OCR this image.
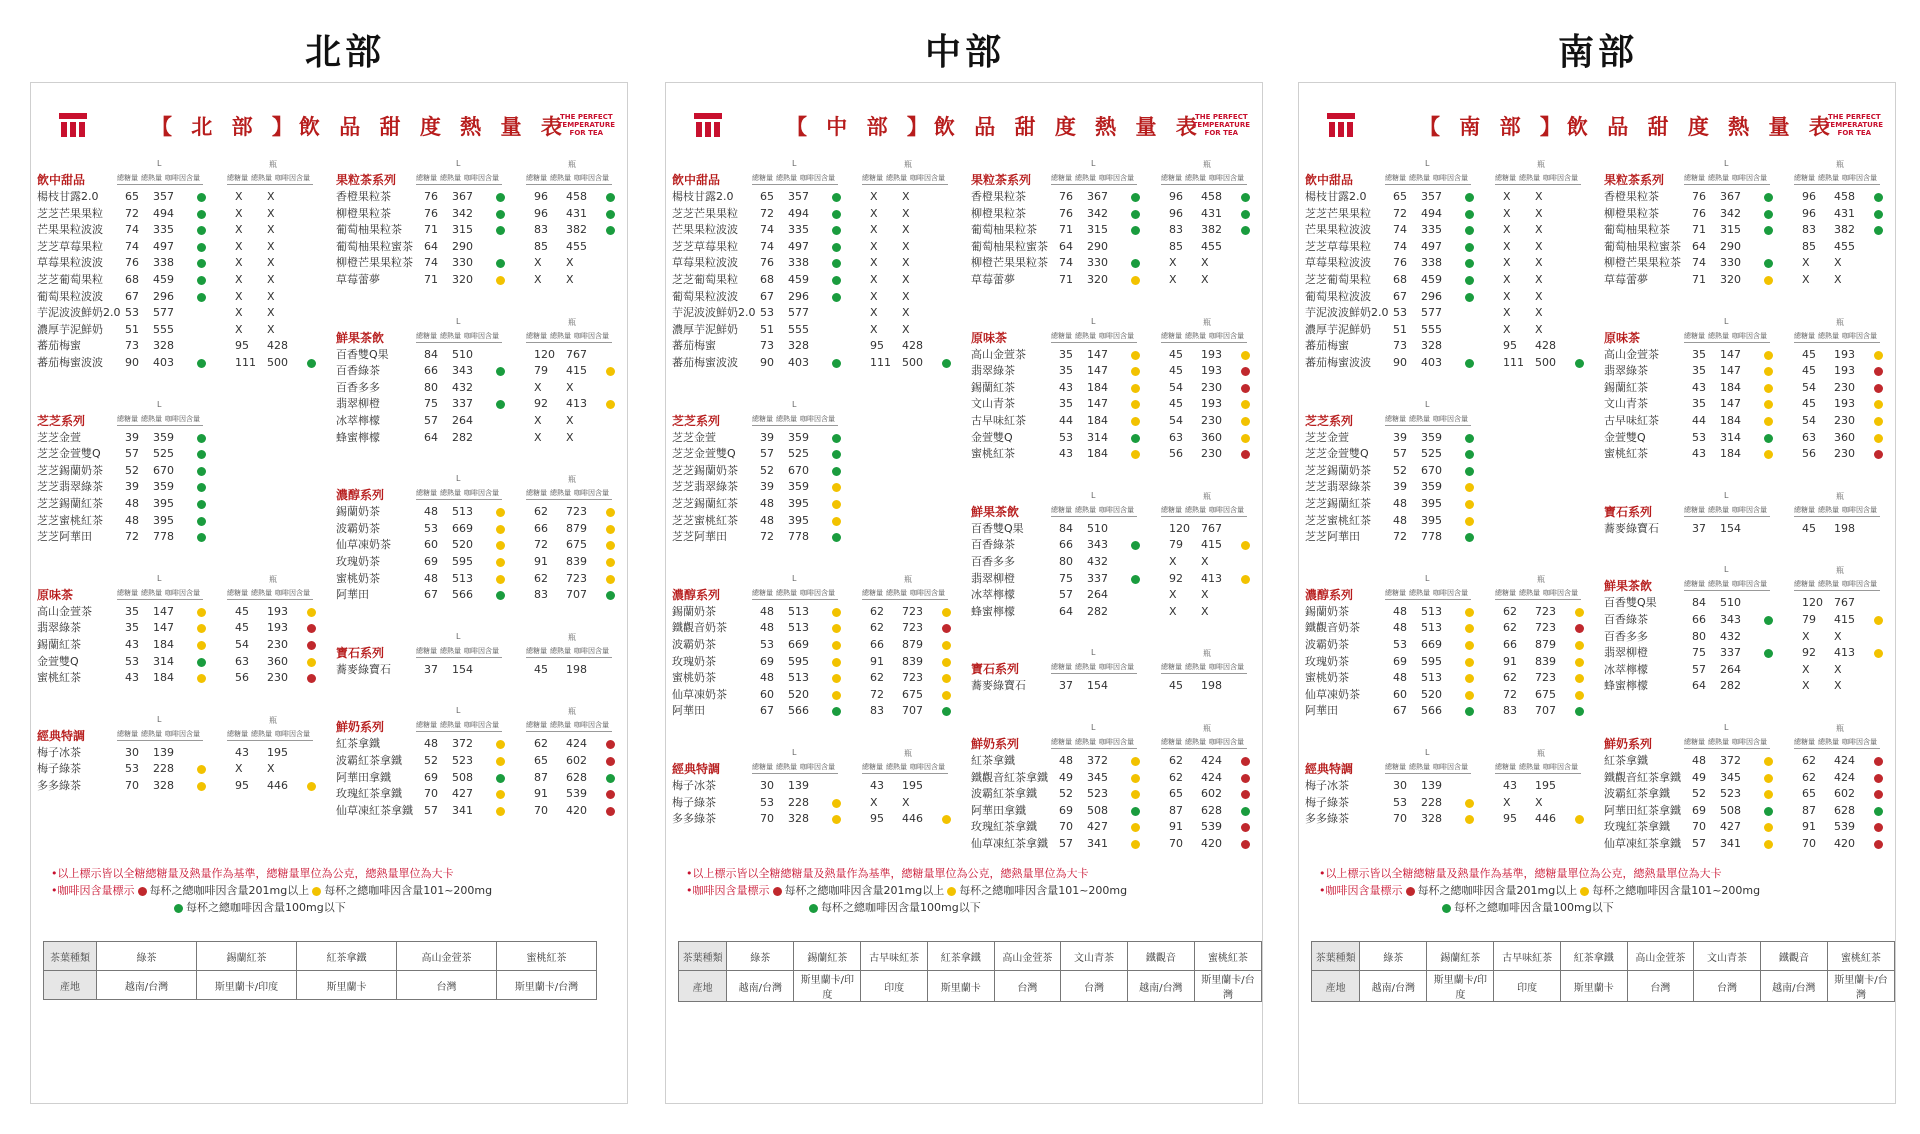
北部
【 北 部 】飲 品 甜 度 熱 量 表
THE PERFECT
TEMPERATURE
FOR TEA
L	瓶
飲中甜品	總糖量 總熱量 咖啡因含量	總糖量 總熱量 咖啡因含量
楊枝甘露2.0 65 357	X X
芝芝芒果果粒 72 494	X X
芒果果粒波波 74 335	X X
芝芝草莓果粒 74 497	X X
草莓果粒波波 76 338	X X
芝芝葡萄果粒 68 459	X X
葡萄果粒波波 67 296	X X
芋泥波波鮮奶2.0 53 577	X X
濃厚芋泥鮮奶 51 555	X X
蕃茄梅蜜	73 328	95 428
蕃茄梅蜜波波 90 403	111 500
L
芝芝系列	總糖量 總熱量 咖啡因含量
芝芝金萱	39 359
芝芝金萱雙Q 57 525
芝芝錫蘭奶茶 52 670
芝芝翡翠綠茶 39 359
芝芝錫蘭紅茶 48 395
芝芝蜜桃紅茶 48 395
芝芝阿華田	72 778
L	瓶
原味茶	總糖量 總熱量 咖啡因含量	總糖量 總熱量 咖啡因含量
高山金萱茶	35 147	45 193
翡翠綠茶	35 147	45 193
錫蘭紅茶	43 184	54 230
金萱雙Q	53 314	63 360
蜜桃紅茶	43 184	56 230
L	瓶
經典特調	總糖量 總熱量 咖啡因含量	總糖量 總熱量 咖啡因含量
梅子冰茶	30 139	43 195
梅子綠茶	53 228	X X
多多綠茶	70 328	95 446
L	瓶
果粒茶系列	總糖量 總熱量 咖啡因含量	總糖量 總熱量 咖啡因含量
香橙果粒茶	76 367	96 458
柳橙果粒茶	76 342	96 431
葡萄柚果粒茶 71 315	83 382
葡萄柚果粒蜜茶 64 290	85 455
柳橙芒果果粒茶 74 330	X X
草莓蕾夢	71 320	X X
L	瓶
鮮果茶飲	總糖量 總熱量 咖啡因含量	總糖量 總熱量 咖啡因含量
百香雙Q果	84 510	120 767
百香綠茶	66 343	79 415
百香多多	80 432	X X
翡翠柳橙	75 337	92 413
冰萃檸檬	57 264	X X
蜂蜜檸檬	64 282	X X
L	瓶
濃醇系列	總糖量 總熱量 咖啡因含量	總糖量 總熱量 咖啡因含量
錫蘭奶茶	48 513	62 723
波霸奶茶	53 669	66 879
仙草凍奶茶	60 520	72 675
玫瑰奶茶	69 595	91 839
蜜桃奶茶	48 513	62 723
阿華田	67 566	83 707
L	瓶
寶石系列	總糖量 總熱量 咖啡因含量	總糖量 總熱量 咖啡因含量
蕎麥綠寶石	37 154	45 198
L	瓶
鮮奶系列	總糖量 總熱量 咖啡因含量	總糖量 總熱量 咖啡因含量
紅茶拿鐵	48 372	62 424
波霸紅茶拿鐵 52 523	65 602
阿華田拿鐵	69 508	87 628
玫瑰紅茶拿鐵 70 427	91 539
仙草凍紅茶拿鐵 57 341	70 420
•以上標示皆以全糖總糖量及熱量作為基準，總糖量單位為公克，總熱量單位為大卡
•咖啡因含量標示 每杯之總咖啡因含量201mg以上 每杯之總咖啡因含量101~200mg
每杯之總咖啡因含量100mg以下
茶葉種類	綠茶	錫蘭紅茶	紅茶拿鐵	高山金萱茶	蜜桃紅茶
產地	越南/台灣	斯里蘭卡/印度	斯里蘭卡	台灣	斯里蘭卡/台灣
中部
【 中 部 】飲 品 甜 度 熱 量 表
THE PERFECT
TEMPERATURE
FOR TEA
L	瓶
飲中甜品	總糖量 總熱量 咖啡因含量	總糖量 總熱量 咖啡因含量
楊枝甘露2.0 65 357	X X
芝芝芒果果粒 72 494	X X
芒果果粒波波 74 335	X X
芝芝草莓果粒 74 497	X X
草莓果粒波波 76 338	X X
芝芝葡萄果粒 68 459	X X
葡萄果粒波波 67 296	X X
芋泥波波鮮奶2.0 53 577	X X
濃厚芋泥鮮奶 51 555	X X
蕃茄梅蜜	73 328	95 428
蕃茄梅蜜波波 90 403	111 500
L
芝芝系列	總糖量 總熱量 咖啡因含量
芝芝金萱	39 359
芝芝金萱雙Q 57 525
芝芝錫蘭奶茶 52 670
芝芝翡翠綠茶 39 359
芝芝錫蘭紅茶 48 395
芝芝蜜桃紅茶 48 395
芝芝阿華田	72 778
L	瓶
濃醇系列	總糖量 總熱量 咖啡因含量	總糖量 總熱量 咖啡因含量
錫蘭奶茶	48 513	62 723
鐵觀音奶茶	48 513	62 723
波霸奶茶	53 669	66 879
玫瑰奶茶	69 595	91 839
蜜桃奶茶	48 513	62 723
仙草凍奶茶	60 520	72 675
阿華田	67 566	83 707
L	瓶
經典特調	總糖量 總熱量 咖啡因含量	總糖量 總熱量 咖啡因含量
梅子冰茶	30 139	43 195
梅子綠茶	53 228	X X
多多綠茶	70 328	95 446
L	瓶
果粒茶系列	總糖量 總熱量 咖啡因含量	總糖量 總熱量 咖啡因含量
香橙果粒茶	76 367	96 458
柳橙果粒茶	76 342	96 431
葡萄柚果粒茶 71 315	83 382
葡萄柚果粒蜜茶 64 290	85 455
柳橙芒果果粒茶 74 330	X X
草莓蕾夢	71 320	X X
L	瓶
原味茶	總糖量 總熱量 咖啡因含量	總糖量 總熱量 咖啡因含量
高山金萱茶	35 147	45 193
翡翠綠茶	35 147	45 193
錫蘭紅茶	43 184	54 230
文山青茶	35 147	45 193
古早味紅茶	44 184	54 230
金萱雙Q	53 314	63 360
蜜桃紅茶	43 184	56 230
L	瓶
鮮果茶飲	總糖量 總熱量 咖啡因含量	總糖量 總熱量 咖啡因含量
百香雙Q果	84 510	120 767
百香綠茶	66 343	79 415
百香多多	80 432	X X
翡翠柳橙	75 337	92 413
冰萃檸檬	57 264	X X
蜂蜜檸檬	64 282	X X
L	瓶
寶石系列	總糖量 總熱量 咖啡因含量	總糖量 總熱量 咖啡因含量
蕎麥綠寶石	37 154	45 198
L	瓶
鮮奶系列	總糖量 總熱量 咖啡因含量	總糖量 總熱量 咖啡因含量
紅茶拿鐵	48 372	62 424
鐵觀音紅茶拿鐵 49 345	62 424
波霸紅茶拿鐵 52 523	65 602
阿華田拿鐵	69 508	87 628
玫瑰紅茶拿鐵 70 427	91 539
仙草凍紅茶拿鐵 57 341	70 420
•以上標示皆以全糖總糖量及熱量作為基準，總糖量單位為公克，總熱量單位為大卡
•咖啡因含量標示 每杯之總咖啡因含量201mg以上 每杯之總咖啡因含量101~200mg
每杯之總咖啡因含量100mg以下
茶葉種類	綠茶	錫蘭紅茶	古早味紅茶	紅茶拿鐵	高山金萱茶	文山青茶	鐵觀音	蜜桃紅茶
產地	越南/台灣	斯里蘭卡/印度	印度	斯里蘭卡	台灣	台灣	越南/台灣	斯里蘭卡/台灣
南部
【 南 部 】飲 品 甜 度 熱 量 表
THE PERFECT
TEMPERATURE
FOR TEA
L	瓶
飲中甜品	總糖量 總熱量 咖啡因含量	總糖量 總熱量 咖啡因含量
楊枝甘露2.0 65 357	X X
芝芝芒果果粒 72 494	X X
芒果果粒波波 74 335	X X
芝芝草莓果粒 74 497	X X
草莓果粒波波 76 338	X X
芝芝葡萄果粒 68 459	X X
葡萄果粒波波 67 296	X X
芋泥波波鮮奶2.0 53 577	X X
濃厚芋泥鮮奶 51 555	X X
蕃茄梅蜜	73 328	95 428
蕃茄梅蜜波波 90 403	111 500
L
芝芝系列	總糖量 總熱量 咖啡因含量
芝芝金萱	39 359
芝芝金萱雙Q 57 525
芝芝錫蘭奶茶 52 670
芝芝翡翠綠茶 39 359
芝芝錫蘭紅茶 48 395
芝芝蜜桃紅茶 48 395
芝芝阿華田	72 778
L	瓶
濃醇系列	總糖量 總熱量 咖啡因含量	總糖量 總熱量 咖啡因含量
錫蘭奶茶	48 513	62 723
鐵觀音奶茶	48 513	62 723
波霸奶茶	53 669	66 879
玫瑰奶茶	69 595	91 839
蜜桃奶茶	48 513	62 723
仙草凍奶茶	60 520	72 675
阿華田	67 566	83 707
L	瓶
經典特調	總糖量 總熱量 咖啡因含量	總糖量 總熱量 咖啡因含量
梅子冰茶	30 139	43 195
梅子綠茶	53 228	X X
多多綠茶	70 328	95 446
L	瓶
果粒茶系列	總糖量 總熱量 咖啡因含量	總糖量 總熱量 咖啡因含量
香橙果粒茶	76 367	96 458
柳橙果粒茶	76 342	96 431
葡萄柚果粒茶 71 315	83 382
葡萄柚果粒蜜茶 64 290	85 455
柳橙芒果果粒茶 74 330	X X
草莓蕾夢	71 320	X X
L	瓶
原味茶	總糖量 總熱量 咖啡因含量	總糖量 總熱量 咖啡因含量
高山金萱茶	35 147	45 193
翡翠綠茶	35 147	45 193
錫蘭紅茶	43 184	54 230
文山青茶	35 147	45 193
古早味紅茶	44 184	54 230
金萱雙Q	53 314	63 360
蜜桃紅茶	43 184	56 230
L	瓶
寶石系列	總糖量 總熱量 咖啡因含量	總糖量 總熱量 咖啡因含量
蕎麥綠寶石	37 154	45 198
L	瓶
鮮果茶飲	總糖量 總熱量 咖啡因含量	總糖量 總熱量 咖啡因含量
百香雙Q果	84 510	120 767
百香綠茶	66 343	79 415
百香多多	80 432	X X
翡翠柳橙	75 337	92 413
冰萃檸檬	57 264	X X
蜂蜜檸檬	64 282	X X
L	瓶
鮮奶系列	總糖量 總熱量 咖啡因含量	總糖量 總熱量 咖啡因含量
紅茶拿鐵	48 372	62 424
鐵觀音紅茶拿鐵 49 345	62 424
波霸紅茶拿鐵 52 523	65 602
阿華田紅茶拿鐵 69 508	87 628
玫瑰紅茶拿鐵 70 427	91 539
仙草凍紅茶拿鐵 57 341	70 420
•以上標示皆以全糖總糖量及熱量作為基準，總糖量單位為公克，總熱量單位為大卡
•咖啡因含量標示 每杯之總咖啡因含量201mg以上 每杯之總咖啡因含量101~200mg
每杯之總咖啡因含量100mg以下
茶葉種類	綠茶	錫蘭紅茶	古早味紅茶	紅茶拿鐵	高山金萱茶	文山青茶	鐵觀音	蜜桃紅茶
產地	越南/台灣	斯里蘭卡/印度	印度	斯里蘭卡	台灣	台灣	越南/台灣	斯里蘭卡/台灣
